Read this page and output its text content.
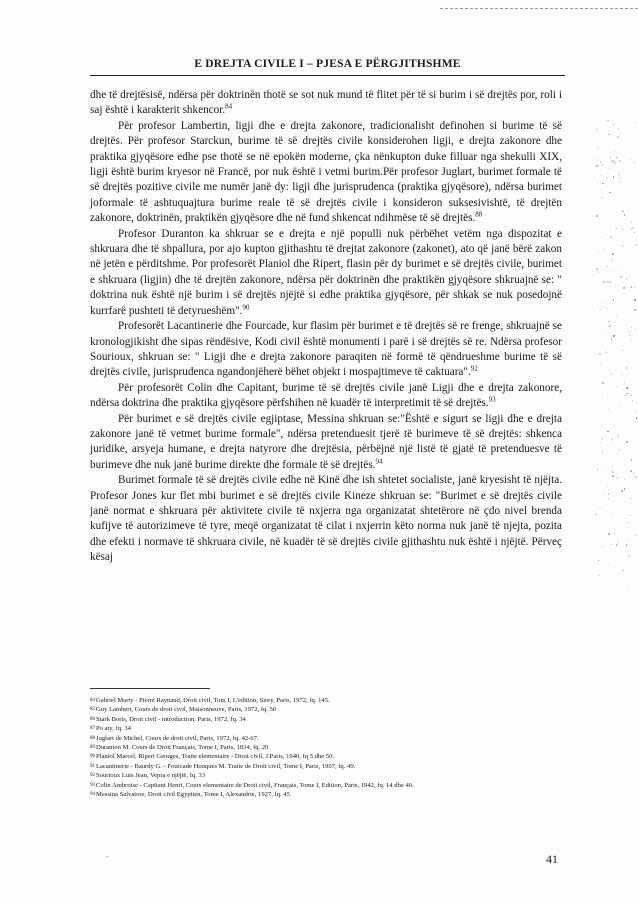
E DREJTA CIVILE I – PJESA E PËRGJITHSHME

dhe të drejtësisë, ndërsa për doktrinën thotë se sot nuk mund të flitet për të si burim i së drejtës por, roli i saj është i karakterit shkencor.$^{84}$

Për profesor Lambertin, ligji dhe e drejta zakonore, tradicionalisht definohen si burime të së drejtës. Për profesor Starckun, burime të së drejtës civile konsiderohen ligji, e drejta zakonore dhe praktika gjyqësore edhe pse thotë se në epokën moderne, çka nënkupton duke filluar nga shekulli XIX, ligji është burim kryesor në Francë, por nuk është i vetmi burim.Për profesor Juglart, burimet formale të së drejtës pozitive civile me numër janë dy: ligji dhe jurisprudenca (praktika gjyqësore), ndërsa burimet joformale të ashtuquajtura burime reale të së drejtës civile i konsideron suksesivishtë, të drejtën zakonore, doktrinën, praktikën gjyqësore dhe në fund shkencat ndihmëse të së drejtës.$^{88}$

Profesor Duranton ka shkruar se e drejta e një populli nuk përbëhet vetëm nga dispozitat e shkruara dhe të shpallura, por ajo kupton gjithashtu të drejtat zakonore (zakonet), ato që janë bërë zakon në jetën e përditshme. Por profesorët Planiol dhe Ripert, flasin për dy burimet e së drejtës civile, burimet e shkruara (ligjin) dhe të drejtën zakonore, ndërsa për doktrinën dhe praktikën gjyqësore shkruajnë se: " doktrina nuk është një burim i së drejtës njëjtë si edhe praktika gjyqësore, për shkak se nuk posedojnë kurrfarë pushteti të detyrueshëm".$^{90}$

Profesorët Lacantinerie dhe Fourcade, kur flasim për burimet e të drejtës së re frenge, shkruajnë se kronologjikisht dhe sipas rëndësive, Kodi civil është monumenti i parë i së drejtës së re. Ndërsa profesor Souriouх, shkruan se: " Ligji dhe e drejta zakonore paraqiten në formë të qëndrueshme burime të së drejtës civile, jurisprudenca ngandonjëherë bëhet objekt i mospajtimeve të caktuara".$^{92}$

Për profesorët Colin dhe Capitant, burime të së drejtës civile janë Ligji dhe e drejta zakonore, ndërsa doktrina dhe praktika gjyqësore përfshihen në kuadër të interpretimit të së drejtës.$^{93}$

Për burimet e së drejtës civile egjiptase, Messina shkruan se:"Është e sigurt se ligji dhe e drejta zakonore janë të vetmet burime formale", ndërsa pretenduesit tjerë të burimeve të së drejtës: shkenca juridike, arsyeja humane, e drejta natyrore dhe drejtësia, përbëjnë një listë të gjatë të pretenduesve të burimeve dhe nuk janë burime direkte dhe formale të së drejtës.$^{94}$

Burimet formale të së drejtës civile edhe në Kinë dhe ish shtetet socialiste, janë kryesisht të njëjta. Profesor Jones kur flet mbi burimet e së drejtës civile Kineze shkruan se: "Burimet e së drejtës civile janë normat e shkruara për aktivitete civile të nxjerra nga organizatat shtetërore në çdo nivel brenda kufijve të autorizimeve të tyre, meqë organizatat të cilat i nxjerrin këto norma nuk janë të njejta, pozita dhe efekti i normave të shkruara civile, në kuadër të së drejtës civile gjithashtu nuk është i njëjtë. Përveç kësaj

84Gabriel Marty - Pierre Raynaud, Droit civil, Tom I, L'edition, Sirey, Paris, 1972, fq. 145.

85Guy Lambert, Cours de droit civil, Maisonneuve, Paris, 1972, fq. 50

86Stark Boris, Droit civil - introduction, Paris, 1972, fq. 34

87Po aty, fq. 34

88Juglart de Michel, Cours de droit civil, Paris, 1972, fq. 42-67.

89Duranton M. Cours de Droit Français, Tome I, Paris, 1834, fq. 20

90Planiol Marcel, Ripert Georges, Traite elementaire - Droit civil, J.Paris, 1940, fq 5 dhe 50.

91Lacantinerie - Baurdy G. - Fourcade Houques M. Traite de Droit civil, Tome I, Paris, 1907, fq. 49.

92Souriouх Luis Jean, Vepra e njëjtë, fq. 33

93Colin Ambroise - Capitant Henri, Cours elementaire de Droit civil, Français, Tome I, Edition, Paris, 1942, fq. 14 dhe 40.

94Messina Salvatore, Droit civil Egyptien, Tome I, Alexandrie, 1927, fq. 45

-	41
